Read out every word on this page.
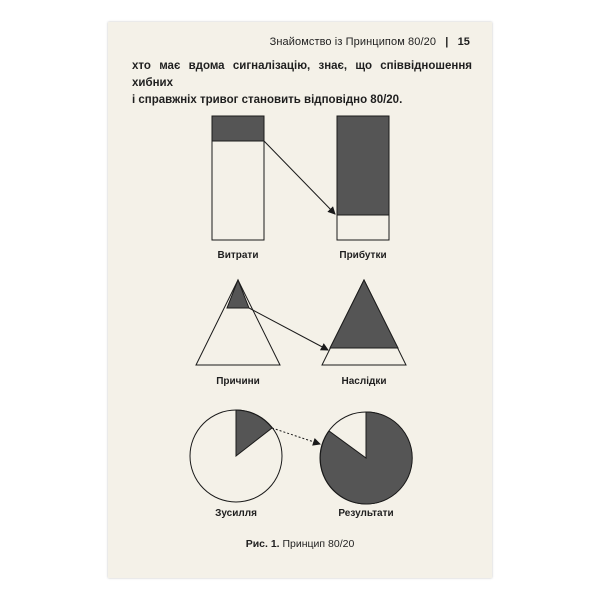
Знайомство із Принципом 80/20 | 15

хто має вдома сигналізацію, знає, що співвідношення хибних

і справжніх тривог становить відповідно 80/20.

Витрати	Прибутки
Причини	Наслідки
Зусилля	Результати
Рис. 1. Принцип 80/20
